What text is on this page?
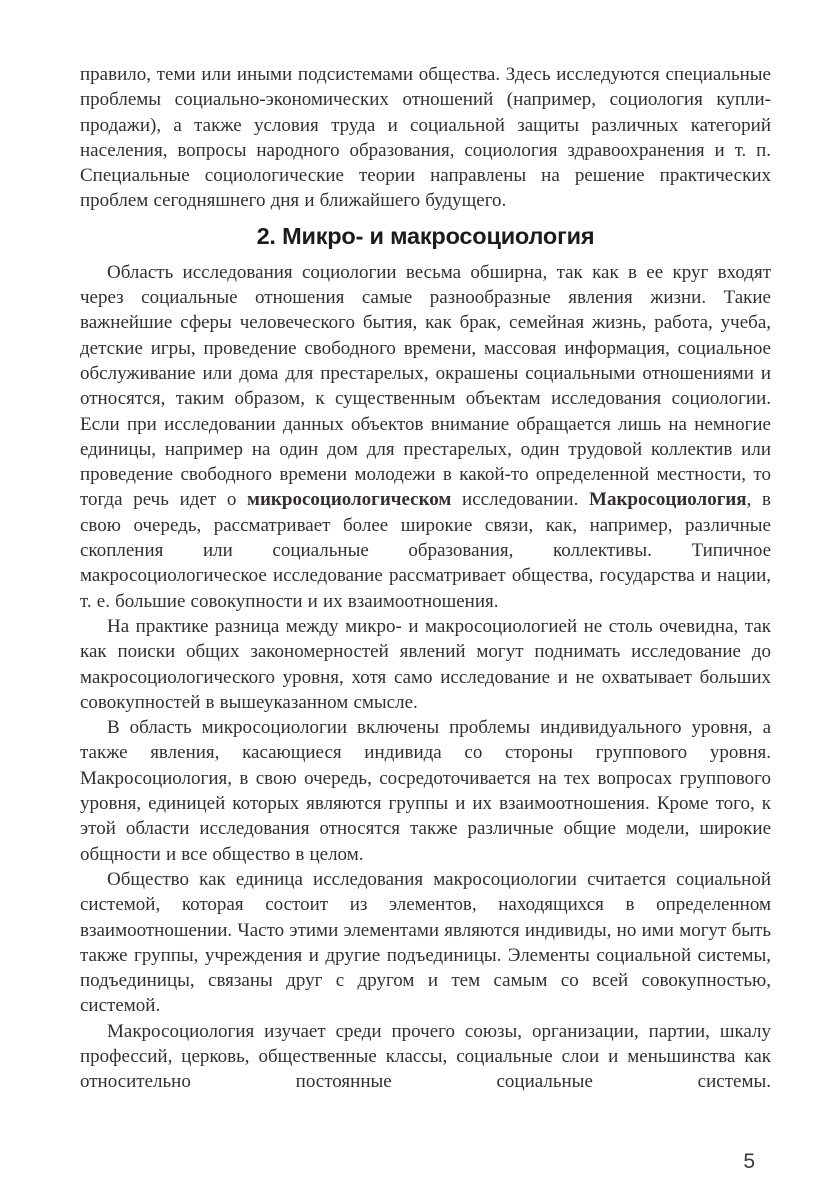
правило, теми или иными подсистемами общества. Здесь исследуются специальные проблемы социально-экономических отношений (например, социология купли-продажи), а также условия труда и социальной защиты различных категорий населения, вопросы народного образования, социология здравоохранения и т. п. Специальные социологические теории направлены на решение практических проблем сегодняшнего дня и ближайшего будущего.

2. Микро- и макросоциология

Область исследования социологии весьма обширна, так как в ее круг входят через социальные отношения самые разнообразные явления жизни. Такие важнейшие сферы человеческого бытия, как брак, семейная жизнь, работа, учеба, детские игры, проведение свободного времени, массовая информация, социальное обслуживание или дома для престарелых, окрашены социальными отношениями и относятся, таким образом, к существенным объектам исследования социологии. Если при исследовании данных объектов внимание обращается лишь на немногие единицы, например на один дом для престарелых, один трудовой коллектив или проведение свободного времени молодежи в какой-то определенной местности, то тогда речь идет о микросоциологическом исследовании. Макросоциология, в свою очередь, рассматривает более широкие связи, как, например, различные скопления или социальные образования, коллективы. Типичное макросоциологическое исследование рассматривает общества, государства и нации, т. е. большие совокупности и их взаимоотношения.

На практике разница между микро- и макросоциологией не столь очевидна, так как поиски общих закономерностей явлений могут поднимать исследование до макросоциологического уровня, хотя само исследование и не охватывает больших совокупностей в вышеуказанном смысле.

В область микросоциологии включены проблемы индивидуального уровня, а также явления, касающиеся индивида со стороны группового уровня. Макросоциология, в свою очередь, сосредоточивается на тех вопросах группового уровня, единицей которых являются группы и их взаимоотношения. Кроме того, к этой области исследования относятся также различные общие модели, широкие общности и все общество в целом.

Общество как единица исследования макросоциологии считается социальной системой, которая состоит из элементов, находящихся в определенном взаимоотношении. Часто этими элементами являются индивиды, но ими могут быть также группы, учреждения и другие подъединицы. Элементы социальной системы, подъединицы, связаны друг с другом и тем самым со всей совокупностью, системой.

Макросоциология изучает среди прочего союзы, организации, партии, шкалу профессий, церковь, общественные классы, социальные слои и меньшинства как относительно постоянные социальные системы.

5
